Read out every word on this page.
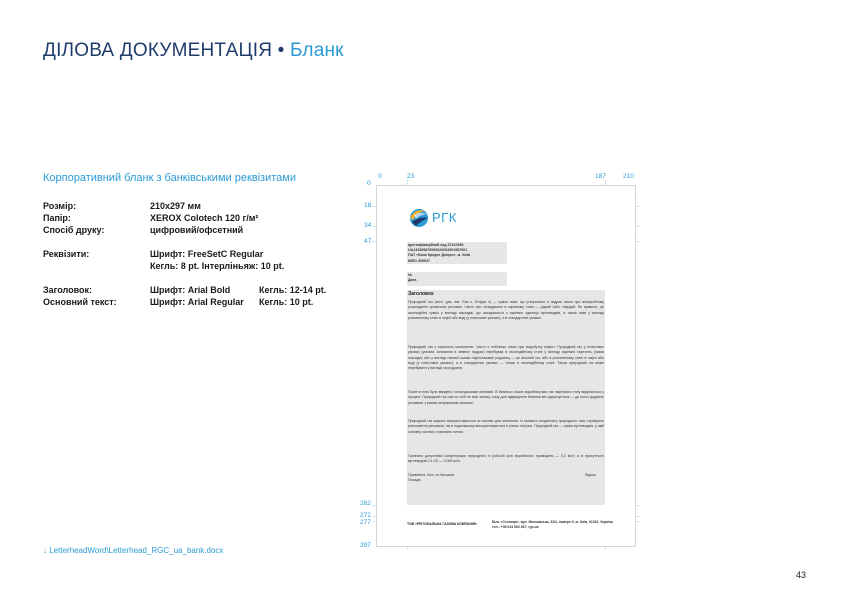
ДІЛОВА ДОКУМЕНТАЦІЯ • Бланк
Корпоративний бланк з банківськими реквізитами
Розмір:	210х297 мм
Папір:	XEROX Colotech 120 г/м²
Спосіб друку:	цифровий/офсетний
Реквізити:	Шрифт: FreeSetC Regular
Кегль: 8 pt. Інтерліньяж: 10 pt.
Заголовок:	Шрифт: Arial Bold	Кегль: 12-14 pt.
Основний текст:	Шрифт: Arial Regular Кегль: 10 pt.
0	23	187	210
0
18
34
47
262
272
277
297
РГК
Ідентифікаційний код 37410956
UA133399870000026003301957001
ПАТ «Банк Кредит Дніпро», м. Київ
МФО 305947
№
Дата
Заголовок
Природний газ (англ. gas; нім. Gas n, Erdgas n) — суміш газів, що утворилася в надрах землі при анаеробному розкладанні органічних речовин. Часто при складуванні в окремому стані — рідкий і/або твердий. Як правило, це газоподібна суміш у вигляді покладів, що складаються з окремих одиниць вуглеводнів, а також газів у вигляді розчиненому стані в нафті або воді (у пластових умовах), а в стандартних умовах.
Природний газ є корисною копалиною. Часто є побічним газом при видобутку нафти. Природний газ у пластових умовах (умовах залягання в земних надрах) перебуває в газоподібному стані у вигляді окремих скупчень (газові поклади) або у вигляді газової шапки нафтогазових родовищ — це вільний газ, або в розчиненому стані в нафті або воді (у пластових умовах), а в стандартних умовах — тільки в газоподібному стані. Також природний газ може перебувати у вигляді газогідратів.
Помітти нові були введено голландськими вченими. В багатьох інших виробництвах газ нафтового типу виділяється у процесі. Природний газ сам по собі не має запаху, тому для підвищення безпеки він одоризується — до нього додають речовини з різким неприємним запахом.
Природний газ широко використовується як паливо для опалення. Із газового конденсату природного газу отримують різноманітні речовини, які в подальшому використовуються в різних галузях. Природний газ — суміш вуглеводнів, у якій основну частину становить метан.
Гранично допустима концентрація природного в робочій зоні виробничих приміщень — 0,3 мг/л, а в присутності вуглеводнів С1-С5 — 0,005 мг/л.
Правління, Їм'я, по батькові,
Посада
Підпис
ТОВ «РЕГІОНАЛЬНА ГАЗОВА КОМПАНІЯ»	Біль «Столиця», вул. Московська, 32/2, поверх 9, м. Київ, 01010, Україна
тел.: +38 044 593 267; rgc.ua
↓ LetterheadWord\Letterhead_RGC_ua_bank.docx
43
